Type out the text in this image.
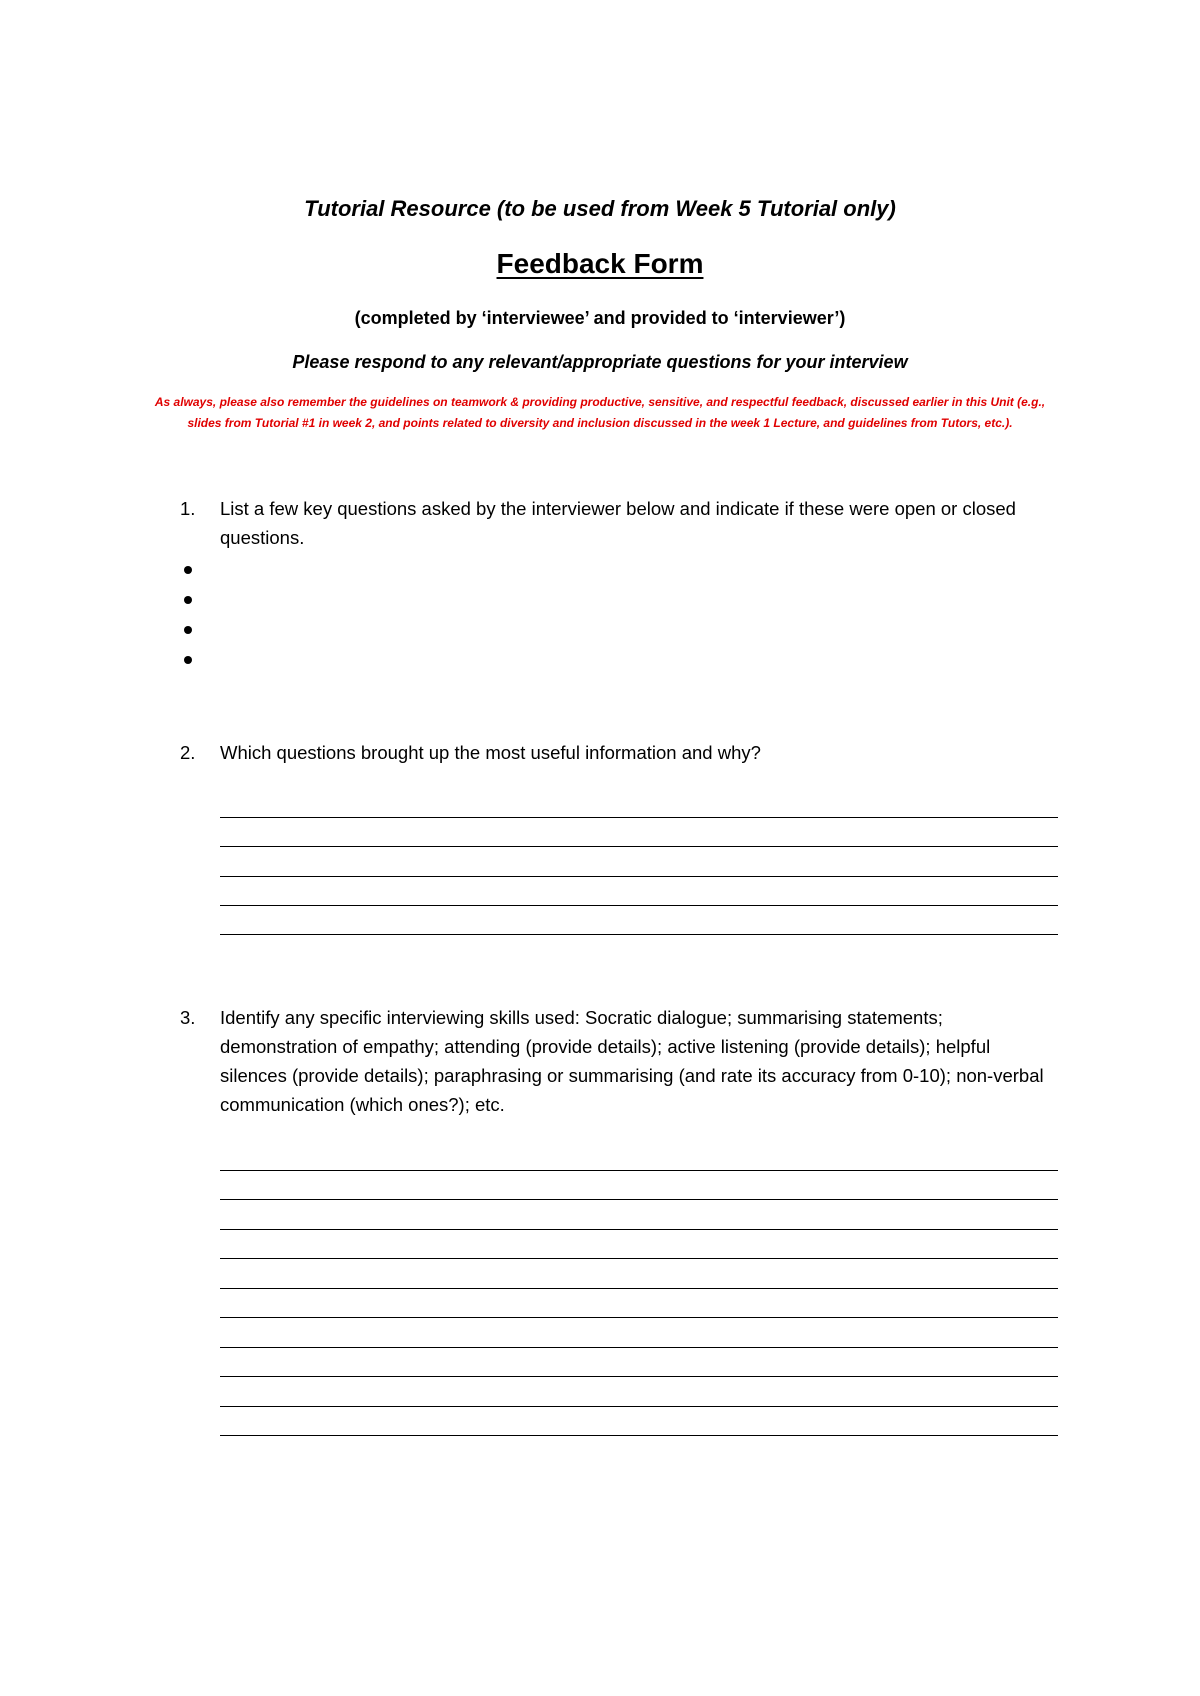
Tutorial Resource (to be used from Week 5 Tutorial only)
Feedback Form
(completed by ‘interviewee’ and provided to ‘interviewer’)
Please respond to any relevant/appropriate questions for your interview
As always, please also remember the guidelines on teamwork & providing productive, sensitive, and respectful feedback, discussed earlier in this Unit (e.g.,
slides from Tutorial #1 in week 2, and points related to diversity and inclusion discussed in the week 1 Lecture, and guidelines from Tutors, etc.).
1.	List a few key questions asked by the interviewer below and indicate if these were open or closed questions.
2.	Which questions brought up the most useful information and why?
3.	Identify any specific interviewing skills used: Socratic dialogue; summarising statements; demonstration of empathy; attending (provide details); active listening (provide details); helpful silences (provide details); paraphrasing or summarising (and rate its accuracy from 0-10); non-verbal communication (which ones?); etc.
